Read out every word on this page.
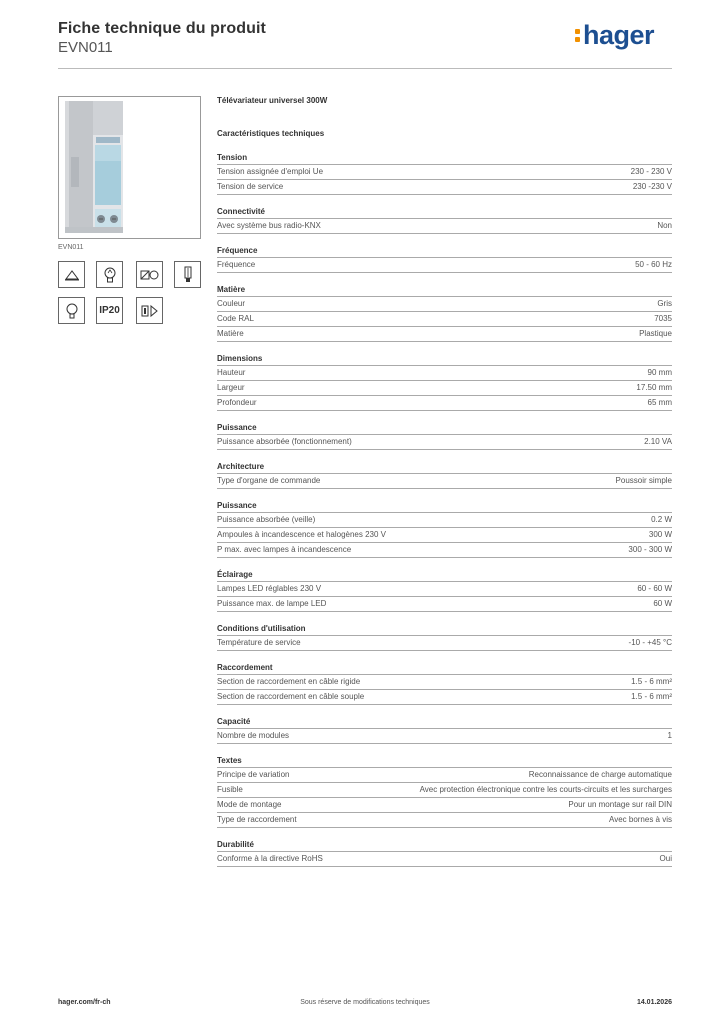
Fiche technique du produit
EVN011	hager
EVN011
IP20
Télévariateur universel 300W
Caractéristiques techniques
Tension
Tension assignée d'emploi Ue	230 - 230 V
Tension de service	230 -230 V
Connectivité
Avec système bus radio-KNX	Non
Fréquence
Fréquence	50 - 60 Hz
Matière
Couleur	Gris
Code RAL	7035
Matière	Plastique
Dimensions
Hauteur	90 mm
Largeur	17.50 mm
Profondeur	65 mm
Puissance
Puissance absorbée (fonctionnement)	2.10 VA
Architecture
Type d'organe de commande	Poussoir simple
Puissance
Puissance absorbée (veille)	0.2 W
Ampoules à incandescence et halogènes 230 V	300 W
P max. avec lampes à incandescence	300 - 300 W
Éclairage
Lampes LED réglables 230 V	60 - 60 W
Puissance max. de lampe LED	60 W
Conditions d'utilisation
Température de service	-10 - +45 °C
Raccordement
Section de raccordement en câble rigide	1.5 - 6 mm²
Section de raccordement en câble souple	1.5 - 6 mm²
Capacité
Nombre de modules	1
Textes
Principe de variation	Reconnaissance de charge automatique
Fusible	Avec protection électronique contre les courts-circuits et les surcharges
Mode de montage	Pour un montage sur rail DIN
Type de raccordement	Avec bornes à vis
Durabilité
Conforme à la directive RoHS	Oui
Sous réserve de modifications techniques
hager.com/fr-ch	14.01.2026
